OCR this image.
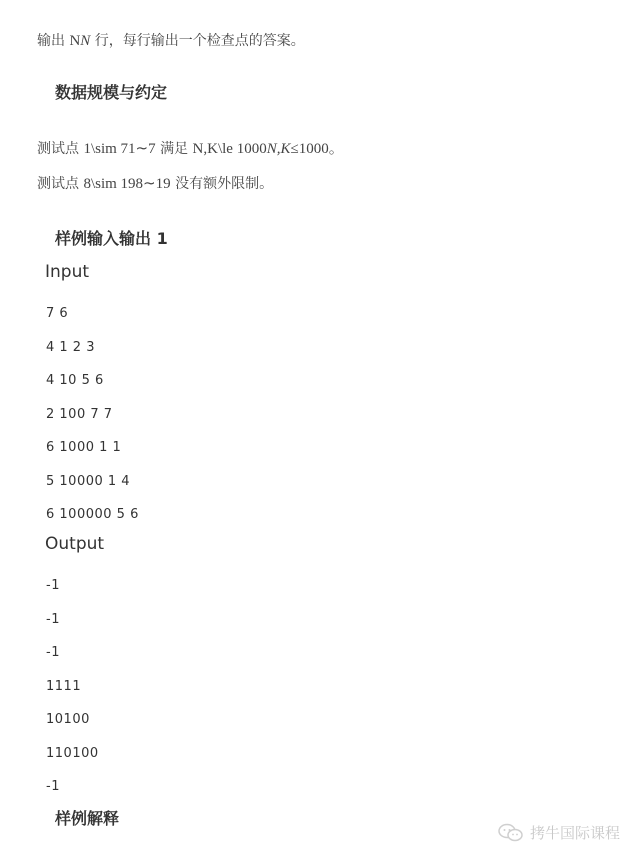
输出 NN 行，每行输出一个检查点的答案。
数据规模与约定
测试点 1\sim 71∼7 满足 N,K\le 1000N,K≤1000。
测试点 8\sim 198∼19 没有额外限制。
样例输入输出 1
Input
7 6
4 1 2 3
4 10 5 6
2 100 7 7
6 1000 1 1
5 10000 1 4
6 100000 5 6
Output
-1
-1
-1
1111
10100
110100
-1
样例解释
拷牛国际课程
